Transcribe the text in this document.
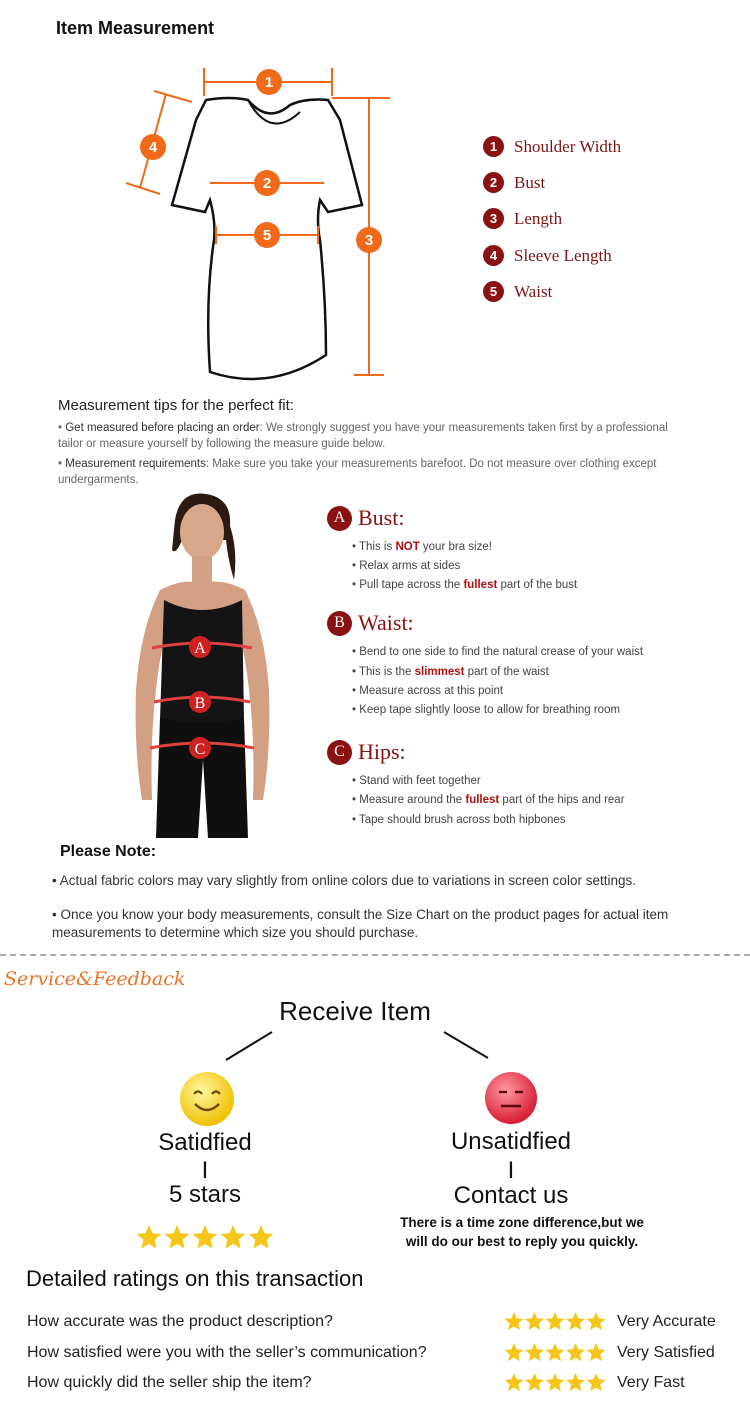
Item Measurement
1
2
3
4
5
1 Shoulder Width
2 Bust
3 Length
4 Sleeve Length
5 Waist
Measurement tips for the perfect fit:
• Get measured before placing an order: We strongly suggest you have your measurements taken first by a professional tailor or measure yourself by following the measure guide below.
• Measurement requirements: Make sure you take your measurements barefoot. Do not measure over clothing except undergarments.
A
B
C
A Bust:
• This is NOT your bra size!
• Relax arms at sides
• Pull tape across the fullest part of the bust
B Waist:
• Bend to one side to find the natural crease of your waist
• This is the slimmest part of the waist
• Measure across at this point
• Keep tape slightly loose to allow for breathing room
C Hips:
• Stand with feet together
• Measure around the fullest part of the hips and rear
• Tape should brush across both hipbones
Please Note:
• Actual fabric colors may vary slightly from online colors due to variations in screen color settings.
• Once you know your body measurements, consult the Size Chart on the product pages for actual item measurements to determine which size you should purchase.
Service&Feedback
Receive Item
Satidfied
I
5 stars
Unsatidfied
I
Contact us
There is a time zone difference,but we will do our best to reply you quickly.
Detailed ratings on this transaction
How accurate was the product description?	Very Accurate
How satisfied were you with the seller’s communication?	Very Satisfied
How quickly did the seller ship the item?	Very Fast
